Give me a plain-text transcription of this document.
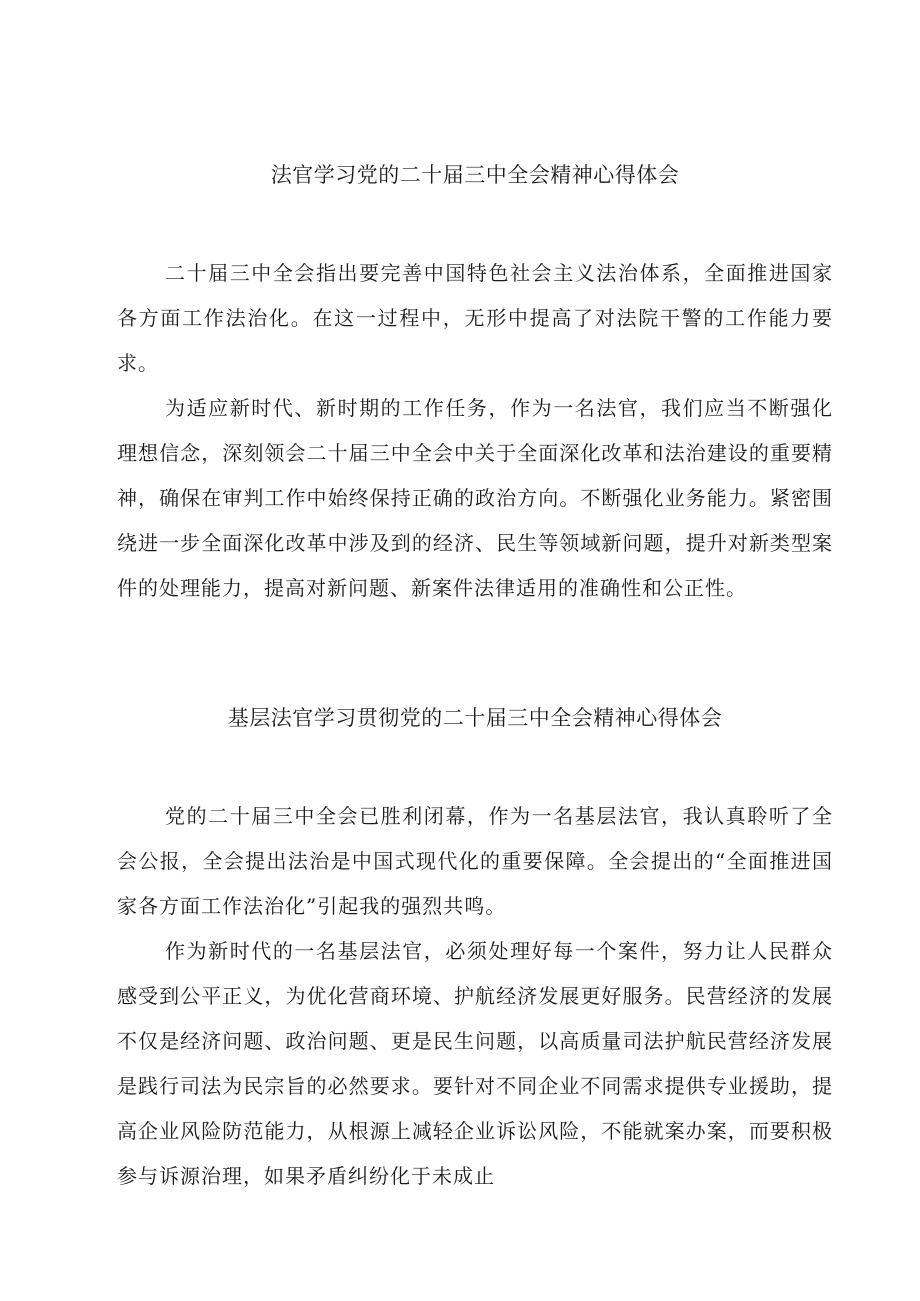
法官学习党的二十届三中全会精神心得体会

二十届三中全会指出要完善中国特色社会主义法治体系，全面推进国家各方面工作法治化。在这一过程中，无形中提高了对法院干警的工作能力要求。

为适应新时代、新时期的工作任务，作为一名法官，我们应当不断强化理想信念，深刻领会二十届三中全会中关于全面深化改革和法治建设的重要精神，确保在审判工作中始终保持正确的政治方向。不断强化业务能力。紧密围绕进一步全面深化改革中涉及到的经济、民生等领域新问题，提升对新类型案件的处理能力，提高对新问题、新案件法律适用的准确性和公正性。

基层法官学习贯彻党的二十届三中全会精神心得体会

党的二十届三中全会已胜利闭幕，作为一名基层法官，我认真聆听了全会公报，全会提出法治是中国式现代化的重要保障。全会提出的“全面推进国家各方面工作法治化”引起我的强烈共鸣。

作为新时代的一名基层法官，必须处理好每一个案件，努力让人民群众感受到公平正义，为优化营商环境、护航经济发展更好服务。民营经济的发展不仅是经济问题、政治问题、更是民生问题，以高质量司法护航民营经济发展是践行司法为民宗旨的必然要求。要针对不同企业不同需求提供专业援助，提高企业风险防范能力，从根源上减轻企业诉讼风险，不能就案办案，而要积极参与诉源治理，如果矛盾纠纷化于未成止
